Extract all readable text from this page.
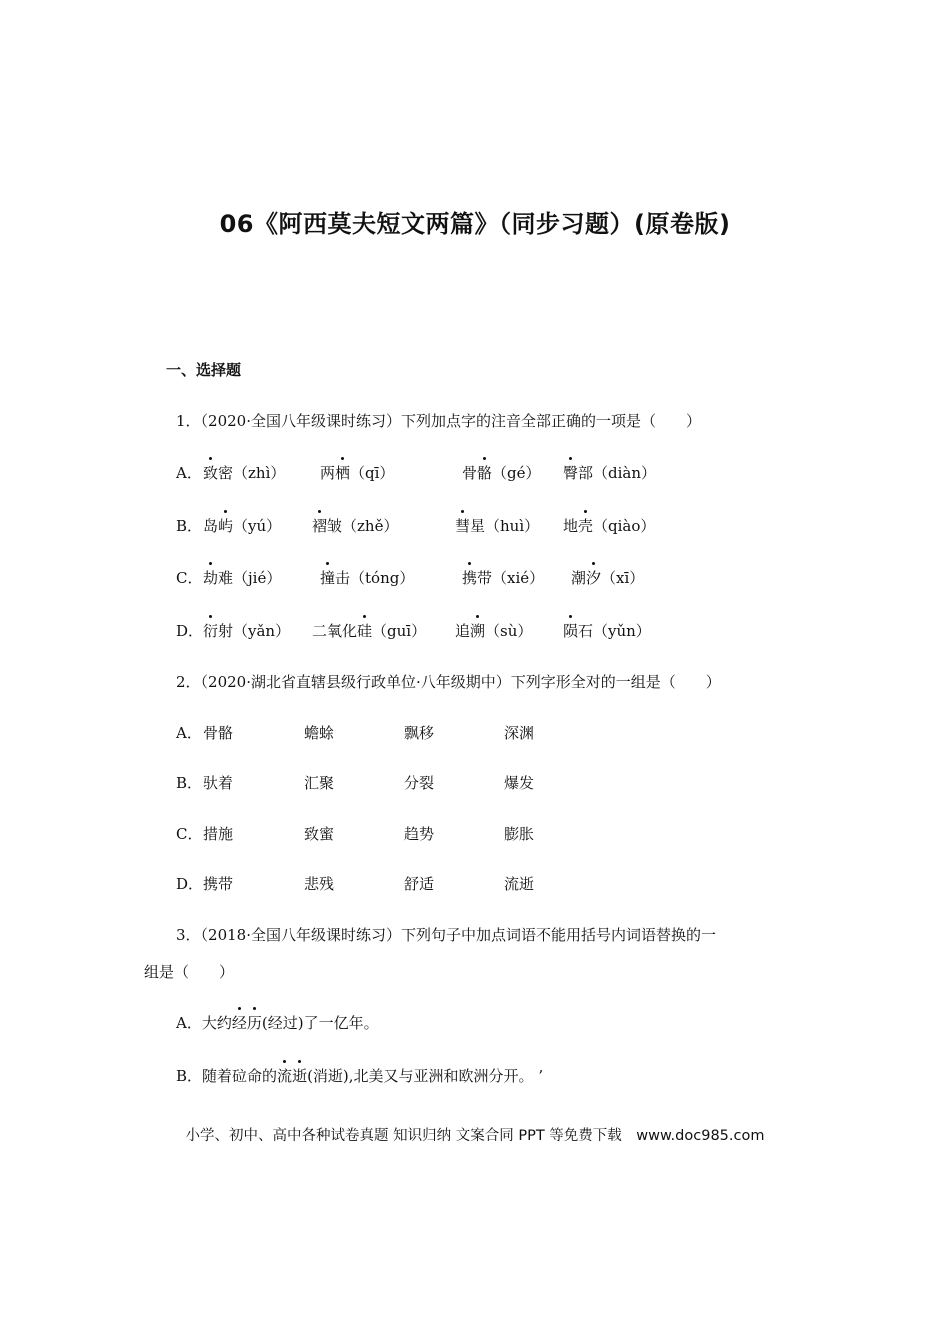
06《阿西莫夫短文两篇》（同步习题）(原卷版)
一、选择题
1．（2020·全国八年级课时练习）下列加点字的注音全部正确的一项是（　　）
A． 致密（zhì） 两栖（qī）	骨骼（gé） 臀部（diàn）
B． 岛屿（yú） 褶皱（zhě）	彗星（huì） 地壳（qiào）
C． 劫难（jié）	撞击（tóng）	携带（xié） 潮汐（xī）
D． 衍射（yǎn） 二氧化硅（guī） 追溯（sù） 陨石（yǔn）
2．（2020·湖北省直辖县级行政单位·八年级期中）下列字形全对的一组是（　　）
A． 骨骼	蟾蜍	飘移	深渊
B． 驮着	汇聚	分裂	爆发
C． 措施	致蜜	趋势	膨胀
D． 携带	悲残	舒适	流逝
3．（2018·全国八年级课时练习）下列句子中加点词语不能用括号内词语替换的一
组是（　　）
A．大约经历(经过)了一亿年。
B．随着砬命的流逝(消逝),北美又与亚洲和欧洲分开。 ’
小学、初中、高中各种试卷真题 知识归纳 文案合同 PPT 等免费下载　www.doc985.com
